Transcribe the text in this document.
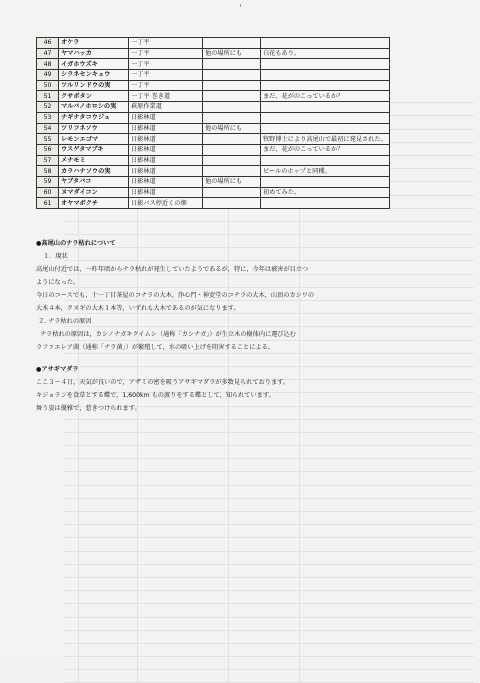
46	オケラ	一丁平		
47	ヤマハッカ	一丁平	他の場所にも	白花もあり。
48	イガホウズキ	一丁平		
49	シラネセンキュウ	一丁平		
50	ツルリンドウの実	一丁平		
51	クサボタン	一丁平 巻き道		まだ、花がのこっているか？
52	マルバノホロシの実	萩原作業道		
53	ナギナタコウジュ	日影林道		
54	ツリフネソウ	日影林道	他の場所にも	
55	レモンエゴマ	日影林道		牧野博士により高尾山で最初に発見された。
56	ウスゲタマブキ	日影林道		まだ、花がのこっているか？
57	メナモミ	日影林道		
58	カラハナソウの実	日影林道		ビールのホップと同種。
59	ヤブタバコ	日影林道	他の場所にも	
60	ヌマダイコン	日影林道		初めてみた。
61	オヤマボクチ	日影バス停近くの畑		
●高尾山のナラ枯れについて
１．現状
高尾山付近では，一昨年頃からナラ枯れが発生していたようであるが，特に，今年は被害が目立つ
ようになった。
今日のコースでも，十一丁目茶屋のコナラの大木，浄心門・神変堂のコナラの大木，山頂のカシワの
大木４本，クヌギの大木１本等，いずれも大木であるのが気になります。
２. ナラ枯れの原因
ナラ枯れの原因は，カシノナガキクイムシ（通称「カシナガ」）が生立木の樹体内に運び込む
ラファエレア菌（通称「ナラ菌」）が繁殖して，水の吸い上げを阻害することによる。
●アサギマダラ
ここ３～４日，天気が良いので，アザミの密を吸うアサギマダラが多数見られております。
キジョランを食草とする蝶で，1,600km もの渡りをする蝶として，知られています。
舞う姿は優雅で，惹きつけられます。
